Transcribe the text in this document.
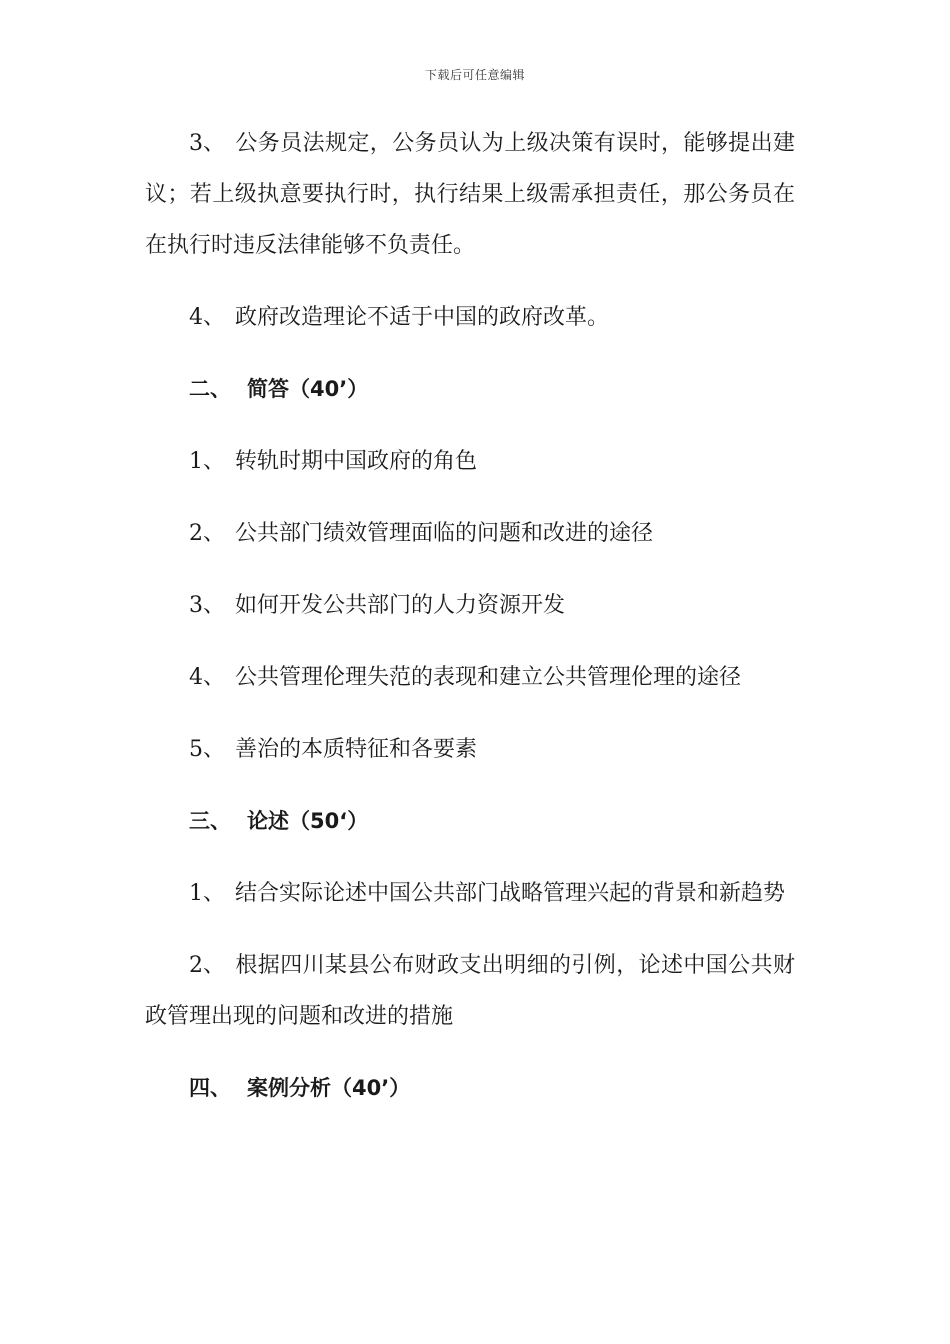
下载后可任意编辑

3、 公务员法规定，公务员认为上级决策有误时，能够提出建议；若上级执意要执行时，执行结果上级需承担责任，那公务员在在执行时违反法律能够不负责任。

4、 政府改造理论不适于中国的政府改革。

二、 简答（40’）

1、 转轨时期中国政府的角色

2、 公共部门绩效管理面临的问题和改进的途径

3、 如何开发公共部门的人力资源开发

4、 公共管理伦理失范的表现和建立公共管理伦理的途径

5、 善治的本质特征和各要素

三、 论述（50‘）

1、 结合实际论述中国公共部门战略管理兴起的背景和新趋势

2、 根据四川某县公布财政支出明细的引例，论述中国公共财政管理出现的问题和改进的措施

四、 案例分析（40’）
